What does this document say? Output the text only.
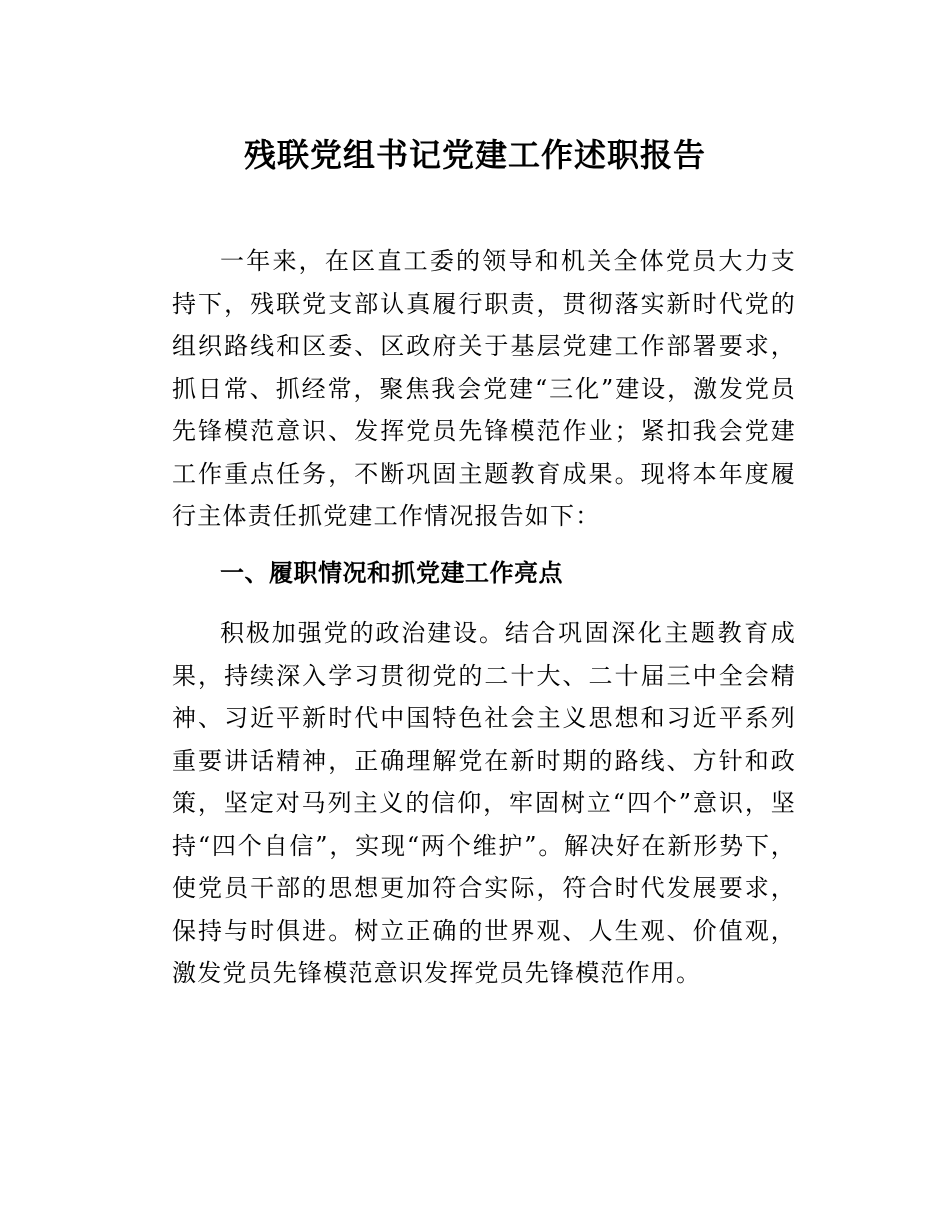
残联党组书记党建工作述职报告

一年来，在区直工委的领导和机关全体党员大力支持下，残联党支部认真履行职责，贯彻落实新时代党的组织路线和区委、区政府关于基层党建工作部署要求，抓日常、抓经常，聚焦我会党建“三化”建设，激发党员先锋模范意识、发挥党员先锋模范作业；紧扣我会党建工作重点任务，不断巩固主题教育成果。现将本年度履行主体责任抓党建工作情况报告如下：

一、履职情况和抓党建工作亮点

积极加强党的政治建设。结合巩固深化主题教育成果，持续深入学习贯彻党的二十大、二十届三中全会精神、习近平新时代中国特色社会主义思想和习近平系列重要讲话精神，正确理解党在新时期的路线、方针和政策，坚定对马列主义的信仰，牢固树立“四个”意识，坚持“四个自信”，实现“两个维护”。解决好在新形势下，使党员干部的思想更加符合实际，符合时代发展要求，保持与时俱进。树立正确的世界观、人生观、价值观，激发党员先锋模范意识发挥党员先锋模范作用。
